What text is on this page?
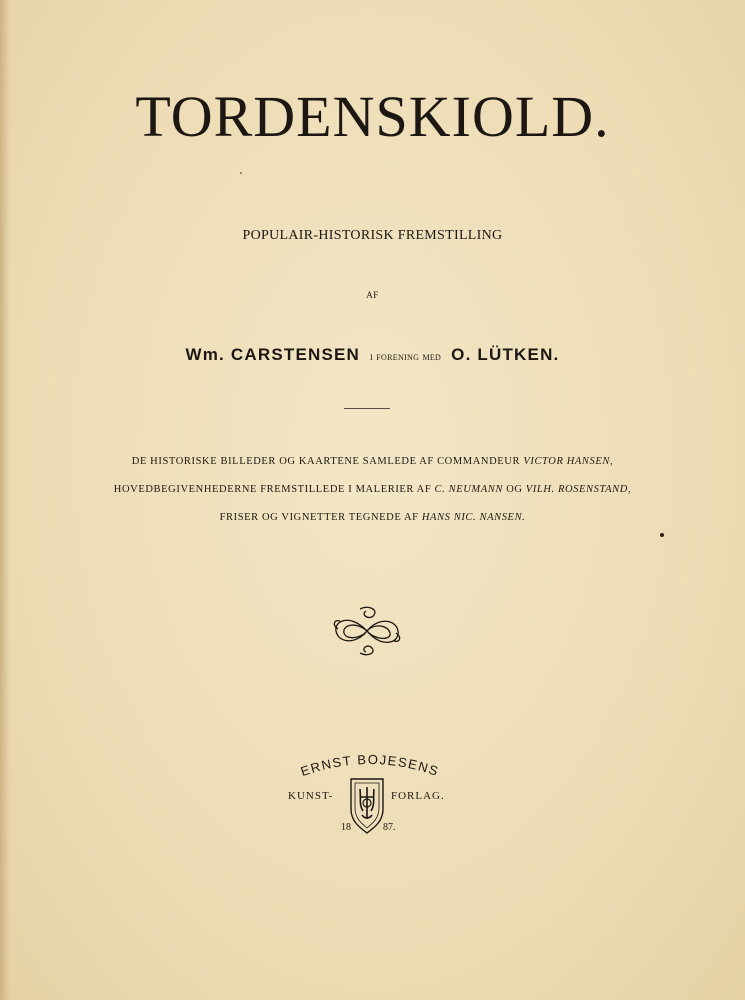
TORDENSKIOLD.
POPULAIR-HISTORISK FREMSTILLING
AF
Wm. CARSTENSEN i forening med O. LÜTKEN.
DE HISTORISKE BILLEDER OG KAARTENE SAMLEDE AF COMMANDEUR VICTOR HANSEN,
HOVEDBEGIVENHEDERNE FREMSTILLEDE I MALERIER AF C. NEUMANN OG VILH. ROSENSTAND,
FRISER OG VIGNETTER TEGNEDE AF HANS NIC. NANSEN.
ERNST BOJESENS
KUNST-	FORLAG.
18	87.
